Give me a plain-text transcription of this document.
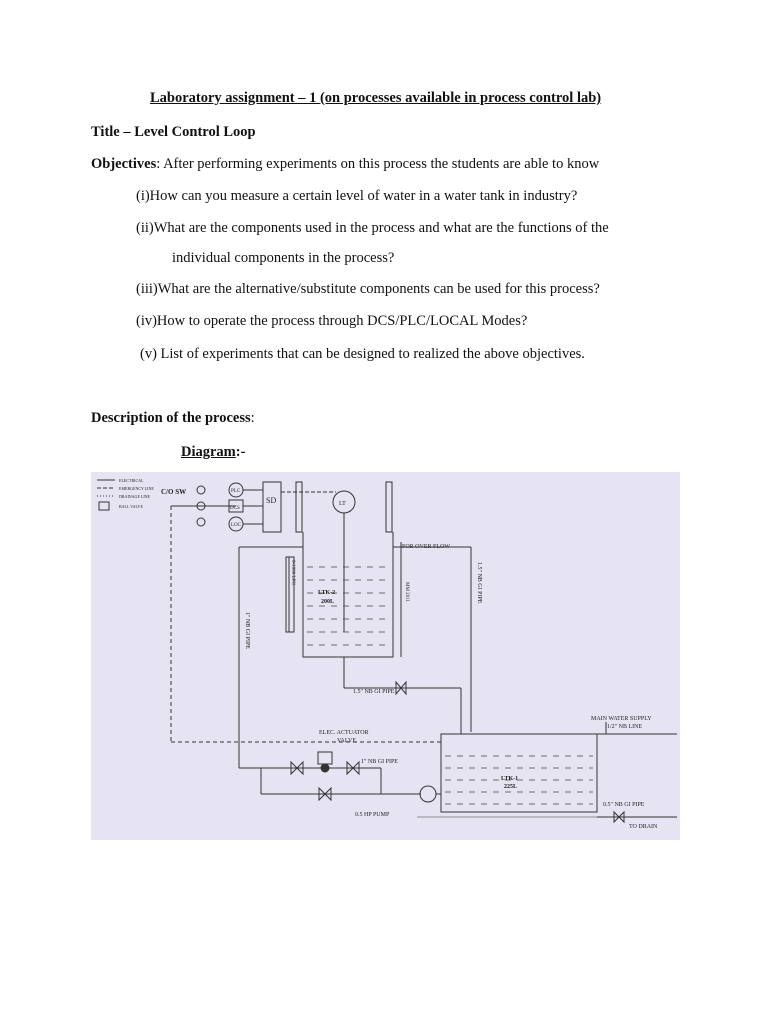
Laboratory assignment – 1 (on processes available in process control lab)
Title – Level Control Loop
Objectives: After performing experiments on this process the students are able to know
(i)How can you measure a certain level of water in a water tank in industry?
(ii)What are the components used in the process and what are the functions of the
individual components in the process?
(iii)What are the alternative/substitute components can be used for this process?
(iv)How to operate the process through DCS/PLC/LOCAL Modes?
(v) List of experiments that can be designed to realized the above objectives.
Description of the process:
Diagram:-
ELECTRICAL
EMERGENCY LINE
DRAINAGE LINE
BALL VALVE
C/O SW	PLC
DCS
LOC
SD	LT
FOR OVER FLOW
LTK-2
200L
1.5" NB GI PIPE
MAIN WATER SUPPLY
1/2" NB LINE
ELEC. ACTUATOR
VALVE
1" NB GI PIPE
LTK-1
225L
0.5 HP PUMP
0.5" NB GI PIPE
TO DRAIN
1.5" NB GI PIPE
1" NB GI PIPE
0-1000 LPH
MM 2011
